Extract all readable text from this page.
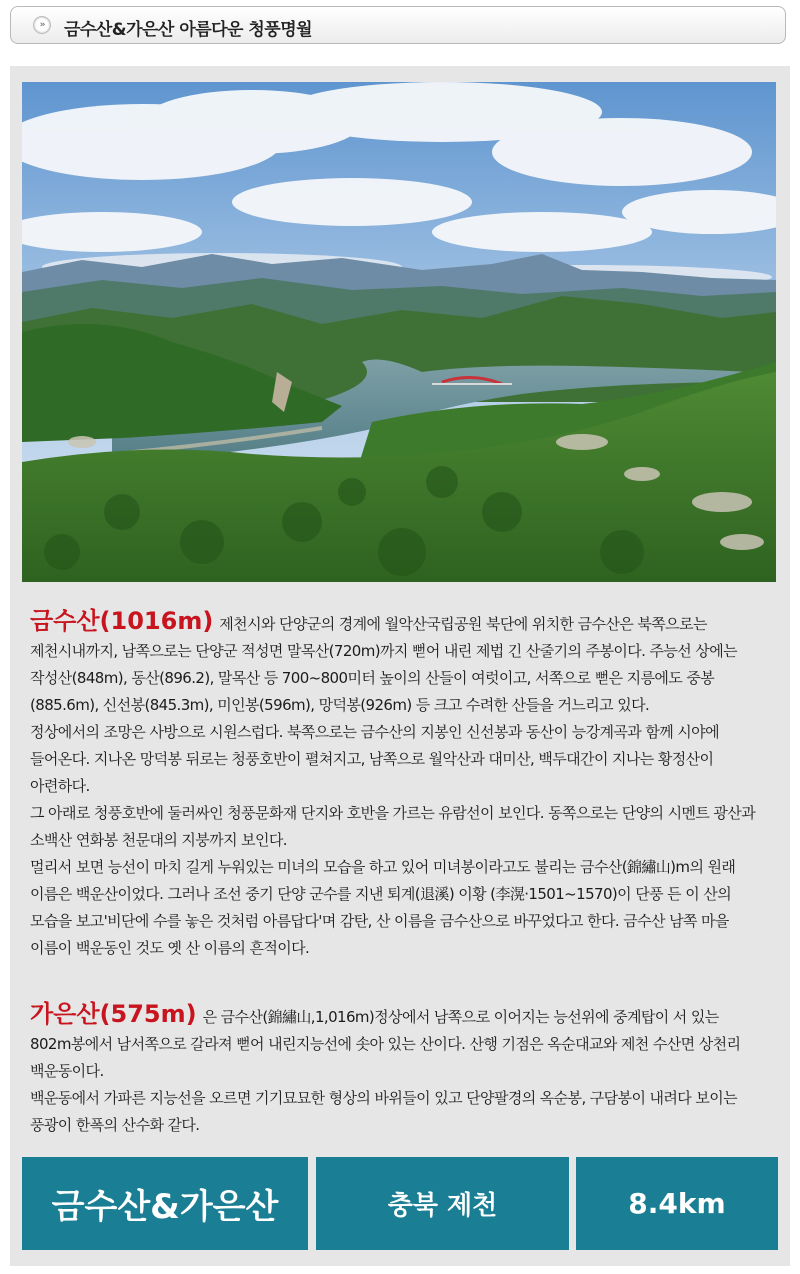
»	금수산&가은산 아름다운 청풍명월
금수산(1016m) 제천시와 단양군의 경계에 월악산국립공원 북단에 위치한 금수산은 북쪽으로는 제천시내까지, 남쪽으로는 단양군 적성면 말목산(720m)까지 뻗어 내린 제법 긴 산줄기의 주봉이다. 주능선 상에는 작성산(848m), 동산(896.2), 말목산 등 700~800미터 높이의 산들이 여럿이고, 서쪽으로 뻗은 지릉에도 중봉(885.6m), 신선봉(845.3m), 미인봉(596m), 망덕봉(926m) 등 크고 수려한 산들을 거느리고 있다.
정상에서의 조망은 사방으로 시원스럽다. 북쪽으로는 금수산의 지봉인 신선봉과 동산이 능강계곡과 함께 시야에 들어온다. 지나온 망덕봉 뒤로는 청풍호반이 펼쳐지고, 남쪽으로 월악산과 대미산, 백두대간이 지나는 황정산이 아련하다.
그 아래로 청풍호반에 둘러싸인 청풍문화재 단지와 호반을 가르는 유람선이 보인다. 동쪽으로는 단양의 시멘트 광산과 소백산 연화봉 천문대의 지붕까지 보인다.
멀리서 보면 능선이 마치 길게 누워있는 미녀의 모습을 하고 있어 미녀봉이라고도 불리는 금수산(錦繡山)m의 원래 이름은 백운산이었다. 그러나 조선 중기 단양 군수를 지낸 퇴계(退溪) 이황 (李滉·1501~1570)이 단풍 든 이 산의 모습을 보고'비단에 수를 놓은 것처럼 아름답다'며 감탄, 산 이름을 금수산으로 바꾸었다고 한다. 금수산 남쪽 마을 이름이 백운동인 것도 옛 산 이름의 흔적이다.
가은산(575m) 은 금수산(錦繡山,1,016m)정상에서 남쪽으로 이어지는 능선위에 중계탑이 서 있는 802m봉에서 남서쪽으로 갈라져 뻗어 내린지능선에 솟아 있는 산이다. 산행 기점은 옥순대교와 제천 수산면 상천리 백운동이다.
백운동에서 가파른 지능선을 오르면 기기묘묘한 형상의 바위들이 있고 단양팔경의 옥순봉, 구담봉이 내려다 보이는 풍광이 한폭의 산수화 같다.
금수산&가은산	충북 제천	8.4km
